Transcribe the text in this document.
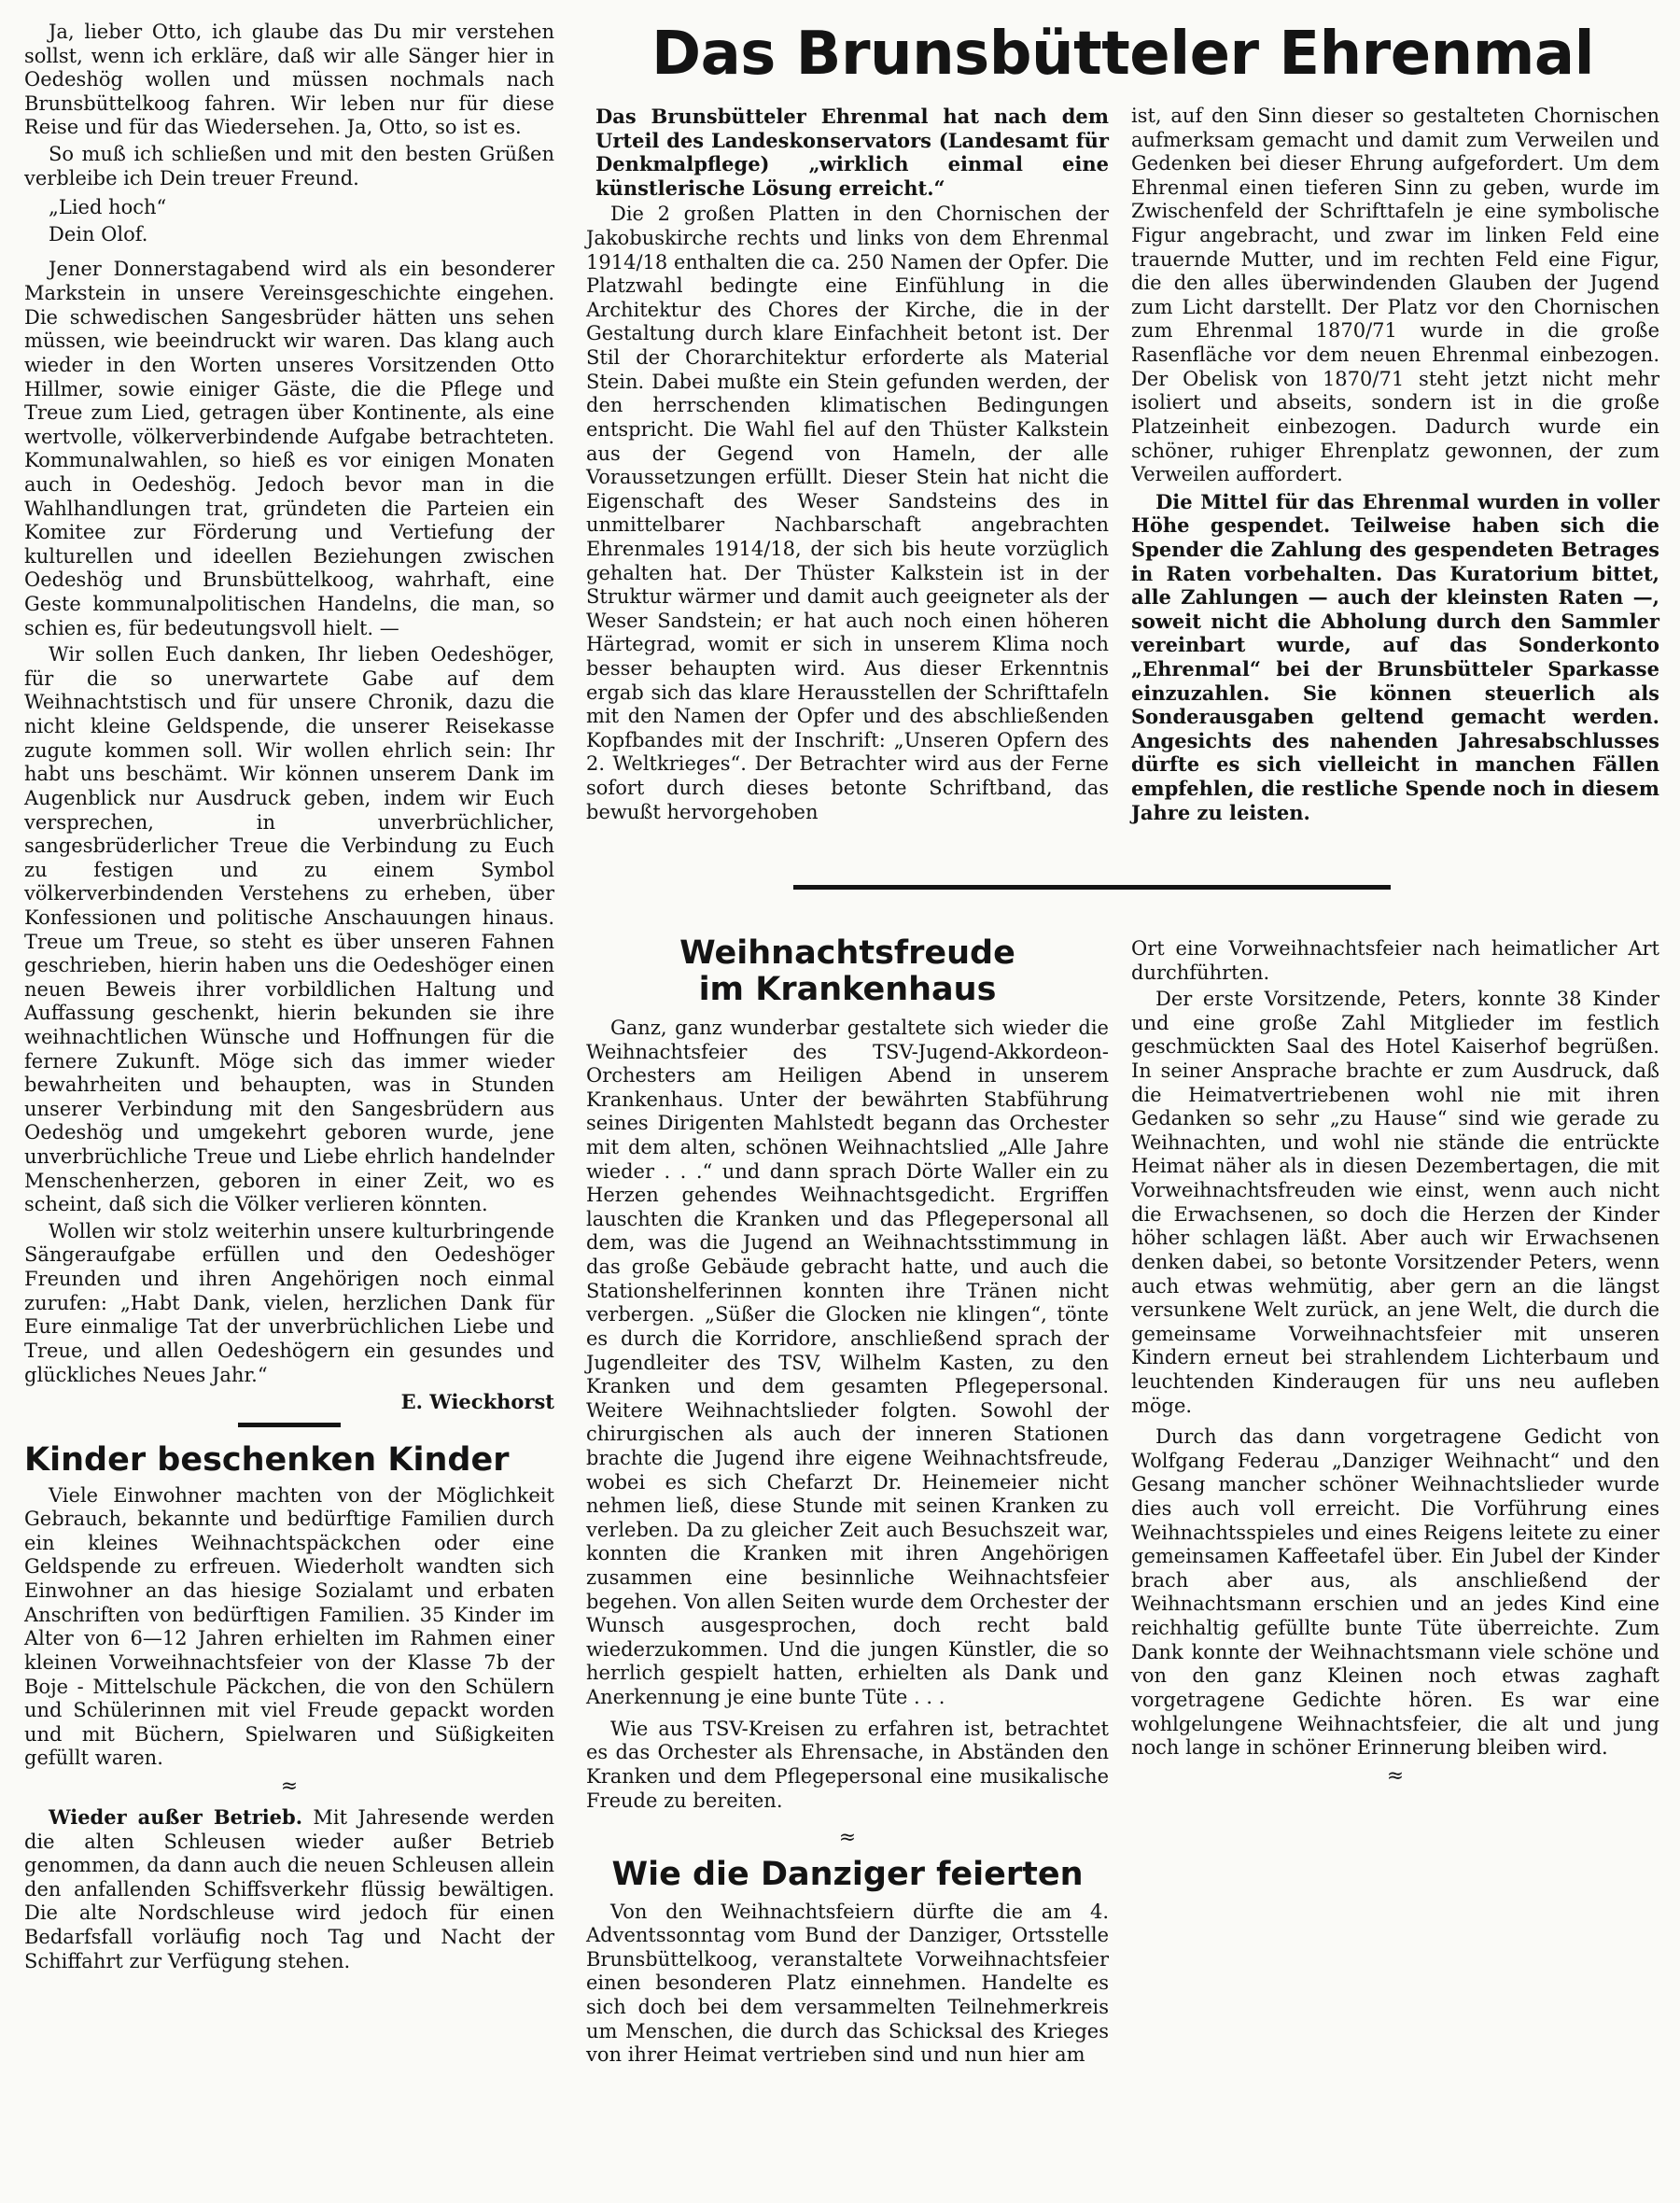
Ja, lieber Otto, ich glaube das Du mir verstehen sollst, wenn ich erkläre, daß wir alle Sänger hier in Oedeshög wollen und müssen nochmals nach Brunsbüttelkoog fahren. Wir leben nur für diese Reise und für das Wiedersehen. Ja, Otto, so ist es.

So muß ich schließen und mit den besten Grüßen verbleibe ich Dein treuer Freund.

„Lied hoch“

Dein Olof.

Jener Donnerstagabend wird als ein besonderer Markstein in unsere Vereinsgeschichte eingehen. Die schwedischen Sangesbrüder hätten uns sehen müssen, wie beeindruckt wir waren. Das klang auch wieder in den Worten unseres Vorsitzenden Otto Hillmer, sowie einiger Gäste, die die Pflege und Treue zum Lied, getragen über Kontinente, als eine wertvolle, völkerverbindende Aufgabe betrachteten. Kommunalwahlen, so hieß es vor einigen Monaten auch in Oedeshög. Jedoch bevor man in die Wahlhandlungen trat, gründeten die Parteien ein Komitee zur Förderung und Vertiefung der kulturellen und ideellen Beziehungen zwischen Oedeshög und Brunsbüttelkoog, wahrhaft, eine Geste kommunalpolitischen Handelns, die man, so schien es, für bedeutungsvoll hielt. —

Wir sollen Euch danken, Ihr lieben Oedeshöger, für die so unerwartete Gabe auf dem Weihnachtstisch und für unsere Chronik, dazu die nicht kleine Geldspende, die unserer Reisekasse zugute kommen soll. Wir wollen ehrlich sein: Ihr habt uns beschämt. Wir können unserem Dank im Augenblick nur Ausdruck geben, indem wir Euch versprechen, in unverbrüchlicher, sangesbrüderlicher Treue die Verbindung zu Euch zu festigen und zu einem Symbol völkerverbindenden Verstehens zu erheben, über Konfessionen und politische Anschauungen hinaus. Treue um Treue, so steht es über unseren Fahnen geschrieben, hierin haben uns die Oedeshöger einen neuen Beweis ihrer vorbildlichen Haltung und Auffassung geschenkt, hierin bekunden sie ihre weihnachtlichen Wünsche und Hoffnungen für die fernere Zukunft. Möge sich das immer wieder bewahrheiten und behaupten, was in Stunden unserer Verbindung mit den Sangesbrüdern aus Oedeshög und umgekehrt geboren wurde, jene unverbrüchliche Treue und Liebe ehrlich handelnder Menschenherzen, geboren in einer Zeit, wo es scheint, daß sich die Völker verlieren könnten.

Wollen wir stolz weiterhin unsere kulturbringende Sängeraufgabe erfüllen und den Oedeshöger Freunden und ihren Angehörigen noch einmal zurufen: „Habt Dank, vielen, herzlichen Dank für Eure einmalige Tat der unverbrüchlichen Liebe und Treue, und allen Oedeshögern ein gesundes und glückliches Neues Jahr.“

E. Wieckhorst
Kinder beschenken Kinder

Viele Einwohner machten von der Möglichkeit Gebrauch, bekannte und bedürftige Familien durch ein kleines Weihnachtspäckchen oder eine Geldspende zu erfreuen. Wiederholt wandten sich Einwohner an das hiesige Sozialamt und erbaten Anschriften von bedürftigen Familien. 35 Kinder im Alter von 6—12 Jahren erhielten im Rahmen einer kleinen Vorweihnachtsfeier von der Klasse 7b der Boje - Mittelschule Päckchen, die von den Schülern und Schülerinnen mit viel Freude gepackt worden und mit Büchern, Spielwaren und Süßigkeiten gefüllt waren.

≈

Wieder außer Betrieb. Mit Jahresende werden die alten Schleusen wieder außer Betrieb genommen, da dann auch die neuen Schleusen allein den anfallenden Schiffsverkehr flüssig bewältigen. Die alte Nordschleuse wird jedoch für einen Bedarfsfall vorläufig noch Tag und Nacht der Schiffahrt zur Verfügung stehen.

Das Brunsbütteler Ehrenmal

Das Brunsbütteler Ehrenmal hat nach dem Urteil des Landeskonservators (Landesamt für Denkmalpflege) „wirklich einmal eine künstlerische Lösung erreicht.“

Die 2 großen Platten in den Chornischen der Jakobuskirche rechts und links von dem Ehrenmal 1914/18 enthalten die ca. 250 Namen der Opfer. Die Platzwahl bedingte eine Einfühlung in die Architektur des Chores der Kirche, die in der Gestaltung durch klare Einfachheit betont ist. Der Stil der Chorarchitektur erforderte als Material Stein. Dabei mußte ein Stein gefunden werden, der den herrschenden klimatischen Bedingungen entspricht. Die Wahl fiel auf den Thüster Kalkstein aus der Gegend von Hameln, der alle Voraussetzungen erfüllt. Dieser Stein hat nicht die Eigenschaft des Weser Sandsteins des in unmittelbarer Nachbarschaft angebrachten Ehrenmales 1914/18, der sich bis heute vorzüglich gehalten hat. Der Thüster Kalkstein ist in der Struktur wärmer und damit auch geeigneter als der Weser Sandstein; er hat auch noch einen höheren Härtegrad, womit er sich in unserem Klima noch besser behaupten wird. Aus dieser Erkenntnis ergab sich das klare Herausstellen der Schrifttafeln mit den Namen der Opfer und des abschließenden Kopfbandes mit der Inschrift: „Unseren Opfern des 2. Weltkrieges“. Der Betrachter wird aus der Ferne sofort durch dieses betonte Schriftband, das bewußt hervorgehoben

ist, auf den Sinn dieser so gestalteten Chornischen aufmerksam gemacht und damit zum Verweilen und Gedenken bei dieser Ehrung aufgefordert. Um dem Ehrenmal einen tieferen Sinn zu geben, wurde im Zwischenfeld der Schrifttafeln je eine symbolische Figur angebracht, und zwar im linken Feld eine trauernde Mutter, und im rechten Feld eine Figur, die den alles überwindenden Glauben der Jugend zum Licht darstellt. Der Platz vor den Chornischen zum Ehrenmal 1870/71 wurde in die große Rasenfläche vor dem neuen Ehrenmal einbezogen. Der Obelisk von 1870/71 steht jetzt nicht mehr isoliert und abseits, sondern ist in die große Platzeinheit einbezogen. Dadurch wurde ein schöner, ruhiger Ehrenplatz gewonnen, der zum Verweilen auffordert.

Die Mittel für das Ehrenmal wurden in voller Höhe gespendet. Teilweise haben sich die Spender die Zahlung des gespendeten Betrages in Raten vorbehalten. Das Kuratorium bittet, alle Zahlungen — auch der kleinsten Raten —, soweit nicht die Abholung durch den Sammler vereinbart wurde, auf das Sonderkonto „Ehrenmal“ bei der Brunsbütteler Sparkasse einzuzahlen. Sie können steuerlich als Sonderausgaben geltend gemacht werden. Angesichts des nahenden Jahresabschlusses dürfte es sich vielleicht in manchen Fällen empfehlen, die restliche Spende noch in diesem Jahre zu leisten.

Weihnachtsfreude
im Krankenhaus

Ganz, ganz wunderbar gestaltete sich wieder die Weihnachtsfeier des TSV-Jugend-Akkordeon-Orchesters am Heiligen Abend in unserem Krankenhaus. Unter der bewährten Stabführung seines Dirigenten Mahlstedt begann das Orchester mit dem alten, schönen Weihnachtslied „Alle Jahre wieder . . .“ und dann sprach Dörte Waller ein zu Herzen gehendes Weihnachtsgedicht. Ergriffen lauschten die Kranken und das Pflegepersonal all dem, was die Jugend an Weihnachtsstimmung in das große Gebäude gebracht hatte, und auch die Stationshelferinnen konnten ihre Tränen nicht verbergen. „Süßer die Glocken nie klingen“, tönte es durch die Korridore, anschließend sprach der Jugendleiter des TSV, Wilhelm Kasten, zu den Kranken und dem gesamten Pflegepersonal. Weitere Weihnachtslieder folgten. Sowohl der chirurgischen als auch der inneren Stationen brachte die Jugend ihre eigene Weihnachtsfreude, wobei es sich Chefarzt Dr. Heinemeier nicht nehmen ließ, diese Stunde mit seinen Kranken zu verleben. Da zu gleicher Zeit auch Besuchszeit war, konnten die Kranken mit ihren Angehörigen zusammen eine besinnliche Weihnachtsfeier begehen. Von allen Seiten wurde dem Orchester der Wunsch ausgesprochen, doch recht bald wiederzukommen. Und die jungen Künstler, die so herrlich gespielt hatten, erhielten als Dank und Anerkennung je eine bunte Tüte . . .

Wie aus TSV-Kreisen zu erfahren ist, betrachtet es das Orchester als Ehrensache, in Abständen den Kranken und dem Pflegepersonal eine musikalische Freude zu bereiten.

≈
Wie die Danziger feierten

Von den Weihnachtsfeiern dürfte die am 4. Adventssonntag vom Bund der Danziger, Ortsstelle Brunsbüttelkoog, veranstaltete Vorweihnachtsfeier einen besonderen Platz einnehmen. Handelte es sich doch bei dem versammelten Teilnehmerkreis um Menschen, die durch das Schicksal des Krieges von ihrer Heimat vertrieben sind und nun hier am

Ort eine Vorweihnachtsfeier nach heimatlicher Art durchführten.

Der erste Vorsitzende, Peters, konnte 38 Kinder und eine große Zahl Mitglieder im festlich geschmückten Saal des Hotel Kaiserhof begrüßen. In seiner Ansprache brachte er zum Ausdruck, daß die Heimatvertriebenen wohl nie mit ihren Gedanken so sehr „zu Hause“ sind wie gerade zu Weihnachten, und wohl nie stände die entrückte Heimat näher als in diesen Dezembertagen, die mit Vorweihnachtsfreuden wie einst, wenn auch nicht die Erwachsenen, so doch die Herzen der Kinder höher schlagen läßt. Aber auch wir Erwachsenen denken dabei, so betonte Vorsitzender Peters, wenn auch etwas wehmütig, aber gern an die längst versunkene Welt zurück, an jene Welt, die durch die gemeinsame Vorweihnachtsfeier mit unseren Kindern erneut bei strahlendem Lichterbaum und leuchtenden Kinderaugen für uns neu aufleben möge.

Durch das dann vorgetragene Gedicht von Wolfgang Federau „Danziger Weihnacht“ und den Gesang mancher schöner Weihnachtslieder wurde dies auch voll erreicht. Die Vorführung eines Weihnachtsspieles und eines Reigens leitete zu einer gemeinsamen Kaffeetafel über. Ein Jubel der Kinder brach aber aus, als anschließend der Weihnachtsmann erschien und an jedes Kind eine reichhaltig gefüllte bunte Tüte überreichte. Zum Dank konnte der Weihnachtsmann viele schöne und von den ganz Kleinen noch etwas zaghaft vorgetragene Gedichte hören. Es war eine wohlgelungene Weihnachtsfeier, die alt und jung noch lange in schöner Erinnerung bleiben wird.

≈
